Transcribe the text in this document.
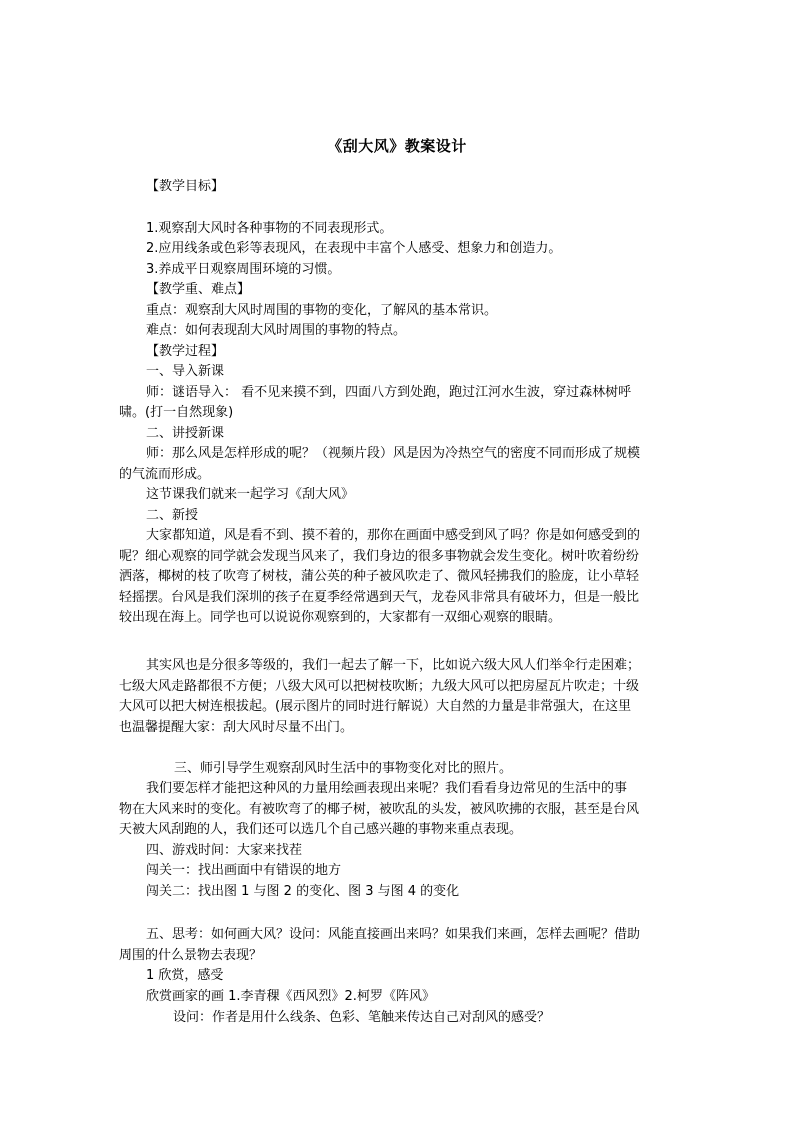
《刮大风》教案设计
【教学目标】
1.观察刮大风时各种事物的不同表现形式。
2.应用线条或色彩等表现风，在表现中丰富个人感受、想象力和创造力。
3.养成平日观察周围环境的习惯。
【教学重、难点】
重点：观察刮大风时周围的事物的变化，了解风的基本常识。
难点：如何表现刮大风时周围的事物的特点。
【教学过程】
一、导入新课
师：谜语导入： 看不见来摸不到，四面八方到处跑，跑过江河水生波，穿过森林树呼
啸。(打一自然现象)
二、讲授新课
师：那么风是怎样形成的呢？（视频片段）风是因为冷热空气的密度不同而形成了规模
的气流而形成。
这节课我们就来一起学习《刮大风》
二、新授
大家都知道，风是看不到、摸不着的，那你在画面中感受到风了吗？你是如何感受到的
呢？细心观察的同学就会发现当风来了，我们身边的很多事物就会发生变化。树叶吹着纷纷
洒落，椰树的枝了吹弯了树枝，蒲公英的种子被风吹走了、微风轻拂我们的脸庞，让小草轻
轻摇摆。台风是我们深圳的孩子在夏季经常遇到天气，龙卷风非常具有破坏力，但是一般比
较出现在海上。同学也可以说说你观察到的，大家都有一双细心观察的眼睛。
其实风也是分很多等级的，我们一起去了解一下，比如说六级大风人们举伞行走困难；
七级大风走路都很不方便；八级大风可以把树枝吹断；九级大风可以把房屋瓦片吹走；十级
大风可以把大树连根拔起。(展示图片的同时进行解说）大自然的力量是非常强大，在这里
也温馨提醒大家：刮大风时尽量不出门。
三、师引导学生观察刮风时生活中的事物变化对比的照片。
我们要怎样才能把这种风的力量用绘画表现出来呢？我们看看身边常见的生活中的事
物在大风来时的变化。有被吹弯了的椰子树，被吹乱的头发，被风吹拂的衣服，甚至是台风
天被大风刮跑的人，我们还可以选几个自己感兴趣的事物来重点表现。
四、游戏时间：大家来找茬
闯关一：找出画面中有错误的地方
闯关二：找出图 1 与图 2 的变化、图 3 与图 4 的变化
五、思考：如何画大风？设问：风能直接画出来吗？如果我们来画，怎样去画呢？借助
周围的什么景物去表现？
1 欣赏，感受
欣赏画家的画 1.李青稞《西风烈》2.柯罗《阵风》
设问：作者是用什么线条、色彩、笔触来传达自己对刮风的感受？
